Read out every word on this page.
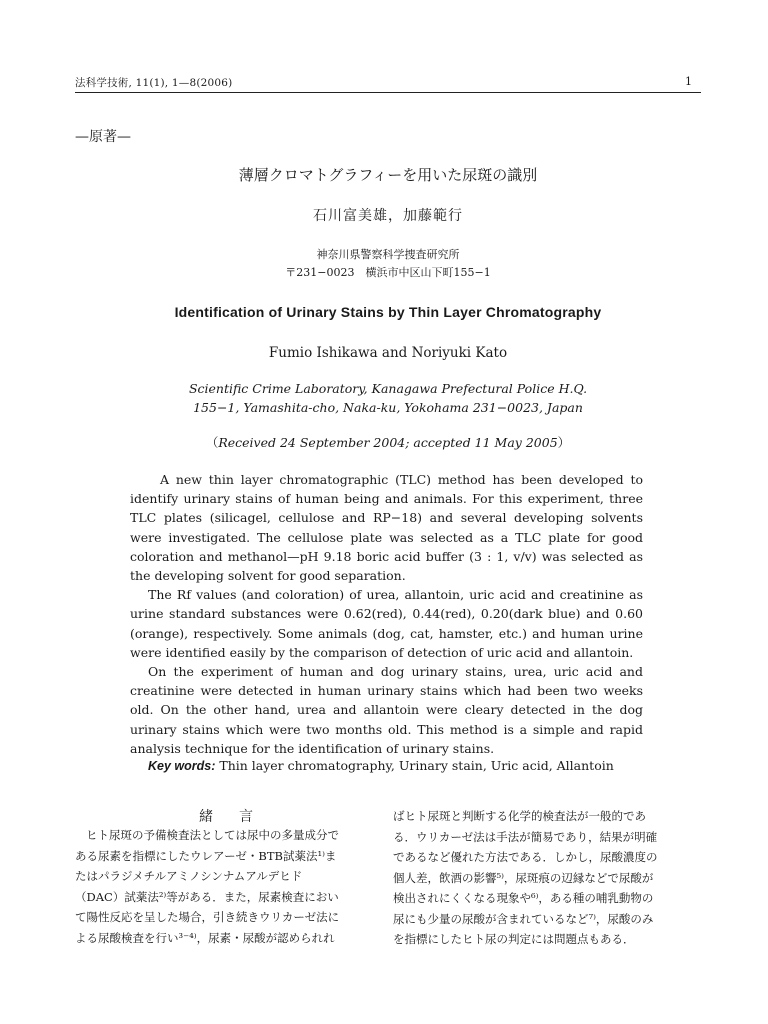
法科学技術, 11(1), 1—8(2006)	1
—原著—
薄層クロマトグラフィーを用いた尿斑の識別
石川富美雄，加藤範行
神奈川県警察科学捜査研究所
〒231−0023　横浜市中区山下町155−1
Identification of Urinary Stains by Thin Layer Chromatography
Fumio Ishikawa and Noriyuki Kato
Scientific Crime Laboratory, Kanagawa Prefectural Police H.Q.
155−1, Yamashita-cho, Naka-ku, Yokohama 231−0023, Japan
（Received 24 September 2004; accepted 11 May 2005）

A new thin layer chromatographic (TLC) method has been developed to identify urinary stains of human being and animals. For this experiment, three TLC plates (silicagel, cellulose and RP−18) and several developing solvents were investigated. The cellulose plate was selected as a TLC plate for good coloration and methanol—pH 9.18 boric acid buffer (3 : 1, v/v) was selected as the developing solvent for good separation.

The Rf values (and coloration) of urea, allantoin, uric acid and creatinine as urine standard substances were 0.62(red), 0.44(red), 0.20(dark blue) and 0.60 (orange), respectively. Some animals (dog, cat, hamster, etc.) and human urine were identified easily by the comparison of detection of uric acid and allantoin.

On the experiment of human and dog urinary stains, urea, uric acid and creatinine were detected in human urinary stains which had been two weeks old. On the other hand, urea and allantoin were cleary detected in the dog urinary stains which were two months old. This method is a simple and rapid analysis technique for the identification of urinary stains.

Key words: Thin layer chromatography, Urinary stain, Uric acid, Allantoin
緒　言
ヒト尿斑の予備検査法としては尿中の多量成分で
ある尿素を指標にしたウレアーゼ・BTB試薬法¹⁾ま
たはパラジメチルアミノシンナムアルデヒド
（DAC）試薬法²⁾等がある．また，尿素検査におい
て陽性反応を呈した場合，引き続きウリカーゼ法に
よる尿酸検査を行い³⁻⁴⁾，尿素・尿酸が認められれ
ばヒト尿斑と判断する化学的検査法が一般的であ
る．ウリカーゼ法は手法が簡易であり，結果が明確
であるなど優れた方法である．しかし，尿酸濃度の
個人差，飲酒の影響⁵⁾，尿斑痕の辺縁などで尿酸が
検出されにくくなる現象や⁶⁾，ある種の哺乳動物の
尿にも少量の尿酸が含まれているなど⁷⁾，尿酸のみ
を指標にしたヒト尿の判定には問題点もある．
